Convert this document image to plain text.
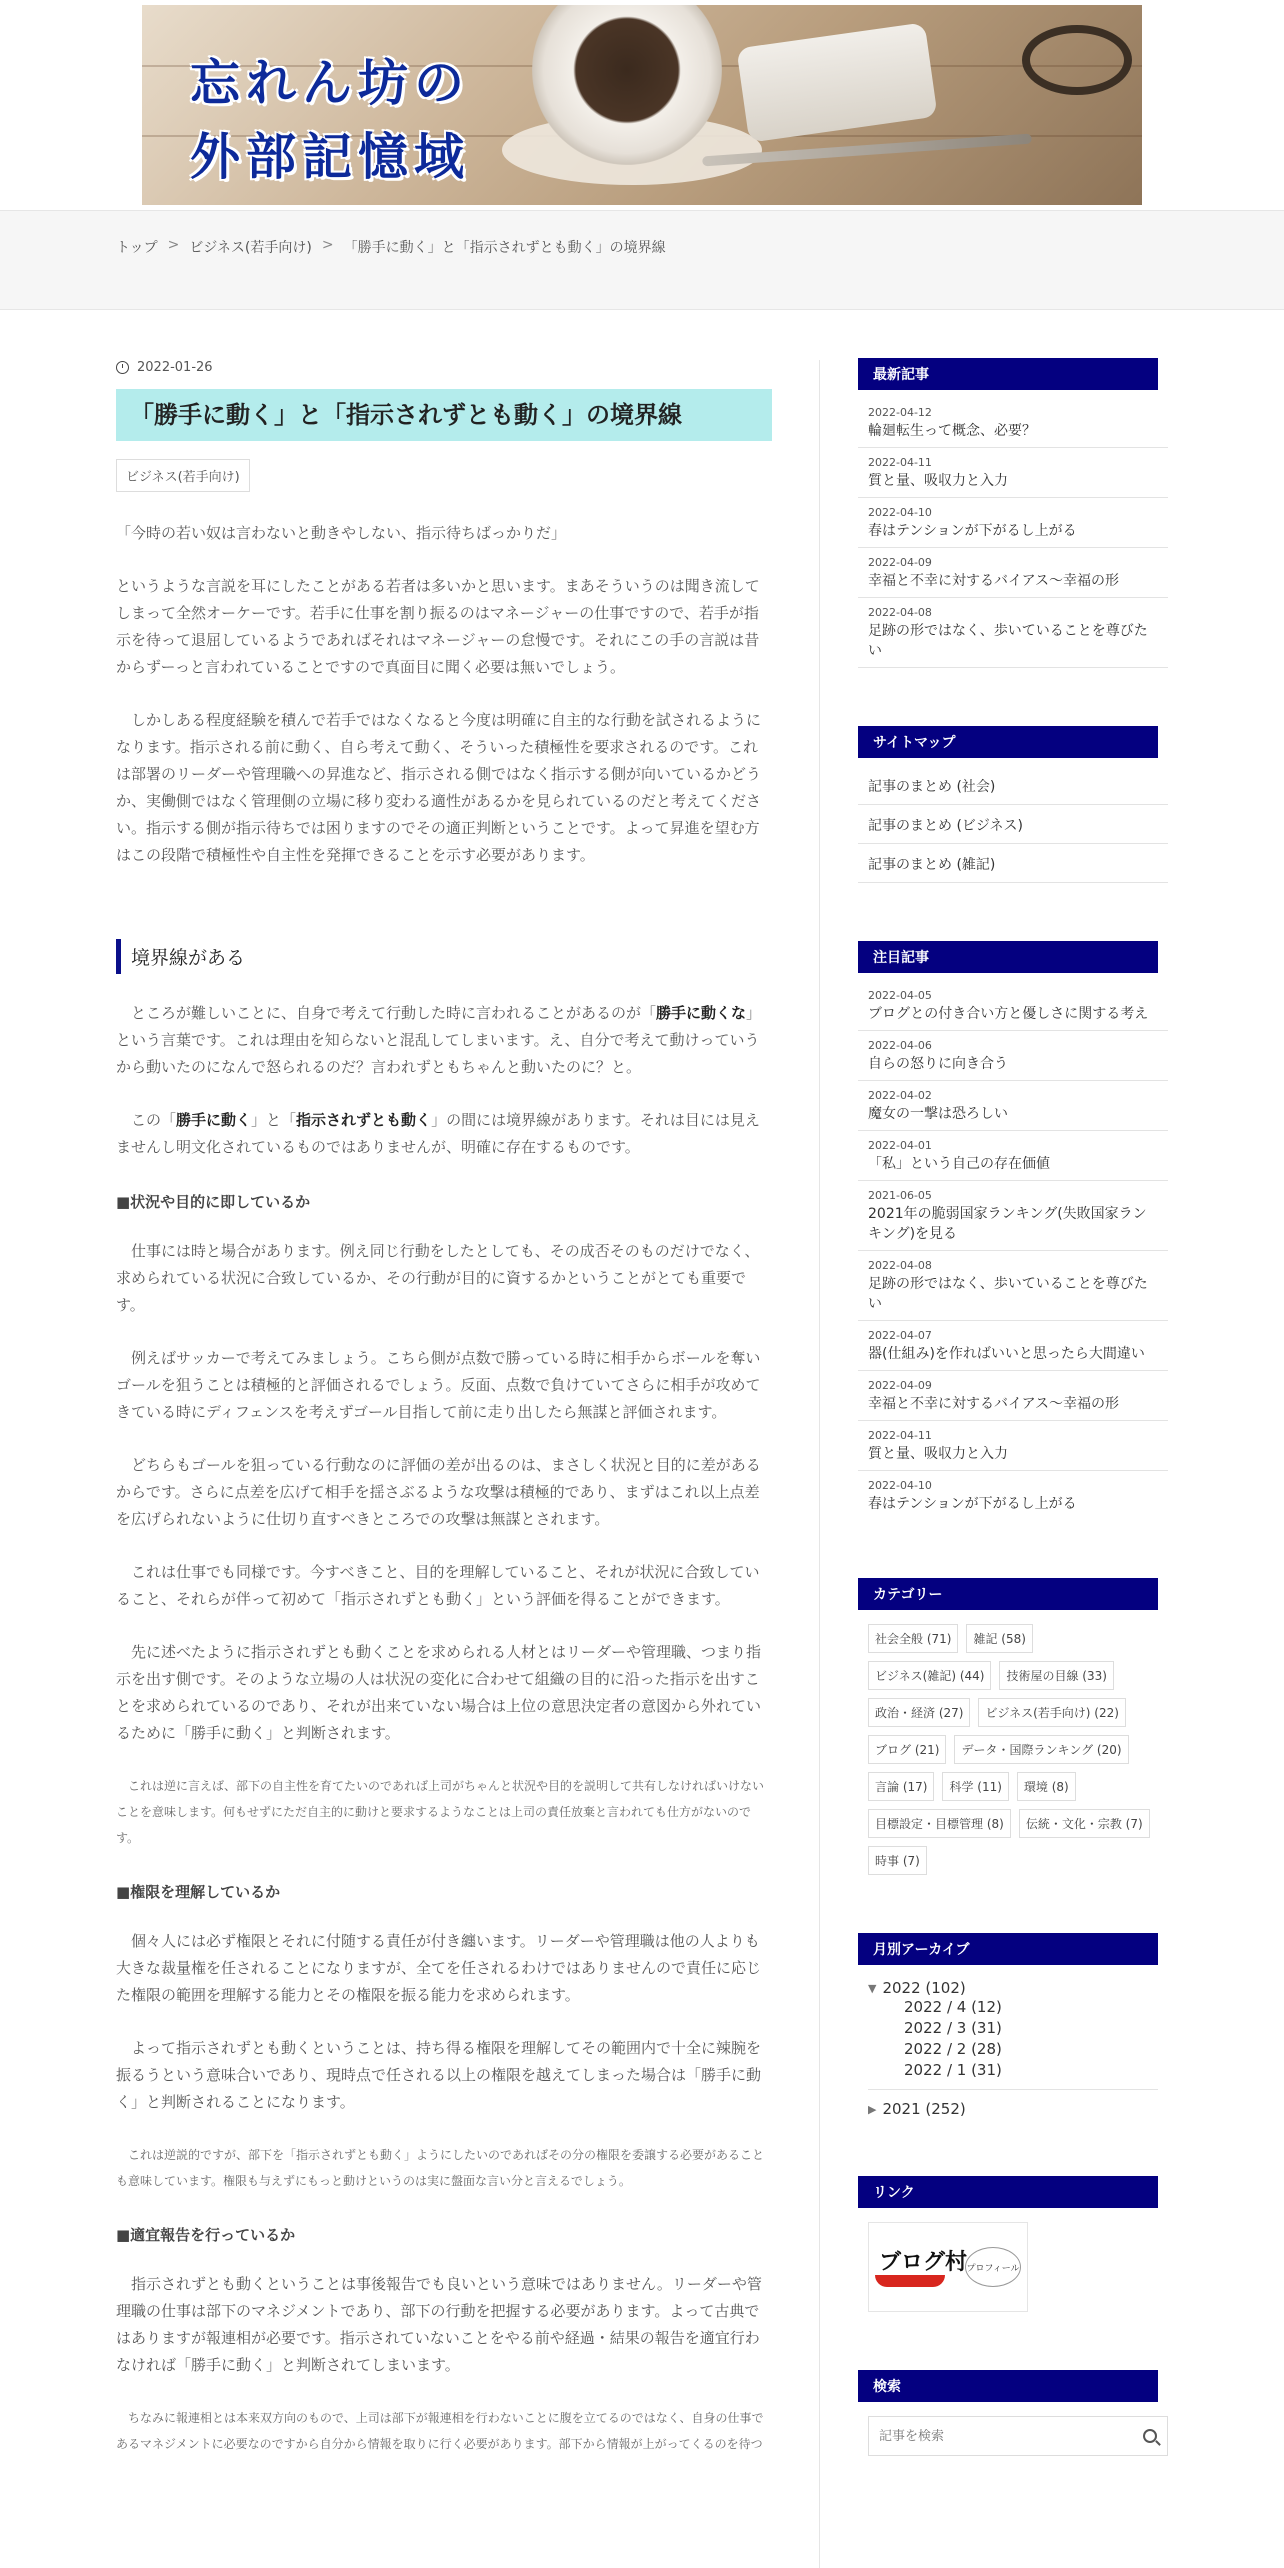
忘れん坊の
外部記憶域
トップ > ビジネス(若手向け) > 「勝手に動く」と「指示されずとも動く」の境界線
2022-01-26
「勝手に動く」と「指示されずとも動く」の境界線
ビジネス(若手向け)

「今時の若い奴は言わないと動きやしない、指示待ちばっかりだ」

というような言説を耳にしたことがある若者は多いかと思います。まあそういうのは聞き流してしまって全然オーケーです。若手に仕事を割り振るのはマネージャーの仕事ですので、若手が指示を待って退屈しているようであればそれはマネージャーの怠慢です。それにこの手の言説は昔からずーっと言われていることですので真面目に聞く必要は無いでしょう。

　しかしある程度経験を積んで若手ではなくなると今度は明確に自主的な行動を試されるようになります。指示される前に動く、自ら考えて動く、そういった積極性を要求されるのです。これは部署のリーダーや管理職への昇進など、指示される側ではなく指示する側が向いているかどうか、実働側ではなく管理側の立場に移り変わる適性があるかを見られているのだと考えてください。指示する側が指示待ちでは困りますのでその適正判断ということです。よって昇進を望む方はこの段階で積極性や自主性を発揮できることを示す必要があります。

境界線がある

　ところが難しいことに、自身で考えて行動した時に言われることがあるのが「勝手に動くな」という言葉です。これは理由を知らないと混乱してしまいます。え、自分で考えて動けっていうから動いたのになんで怒られるのだ？言われずともちゃんと動いたのに？と。

　この「勝手に動く」と「指示されずとも動く」の間には境界線があります。それは目には見えませんし明文化されているものではありませんが、明確に存在するものです。

■状況や目的に即しているか

　仕事には時と場合があります。例え同じ行動をしたとしても、その成否そのものだけでなく、求められている状況に合致しているか、その行動が目的に資するかということがとても重要です。

　例えばサッカーで考えてみましょう。こちら側が点数で勝っている時に相手からボールを奪いゴールを狙うことは積極的と評価されるでしょう。反面、点数で負けていてさらに相手が攻めてきている時にディフェンスを考えずゴール目指して前に走り出したら無謀と評価されます。

　どちらもゴールを狙っている行動なのに評価の差が出るのは、まさしく状況と目的に差があるからです。さらに点差を広げて相手を揺さぶるような攻撃は積極的であり、まずはこれ以上点差を広げられないように仕切り直すべきところでの攻撃は無謀とされます。

　これは仕事でも同様です。今すべきこと、目的を理解していること、それが状況に合致していること、それらが伴って初めて「指示されずとも動く」という評価を得ることができます。

　先に述べたように指示されずとも動くことを求められる人材とはリーダーや管理職、つまり指示を出す側です。そのような立場の人は状況の変化に合わせて組織の目的に沿った指示を出すことを求められているのであり、それが出来ていない場合は上位の意思決定者の意図から外れているために「勝手に動く」と判断されます。

　これは逆に言えば、部下の自主性を育てたいのであれば上司がちゃんと状況や目的を説明して共有しなければいけないことを意味します。何もせずにただ自主的に動けと要求するようなことは上司の責任放棄と言われても仕方がないのです。

■権限を理解しているか

　個々人には必ず権限とそれに付随する責任が付き纏います。リーダーや管理職は他の人よりも大きな裁量権を任されることになりますが、全てを任されるわけではありませんので責任に応じた権限の範囲を理解する能力とその権限を振る能力を求められます。

　よって指示されずとも動くということは、持ち得る権限を理解してその範囲内で十全に辣腕を振るうという意味合いであり、現時点で任される以上の権限を越えてしまった場合は「勝手に動く」と判断されることになります。

　これは逆説的ですが、部下を「指示されずとも動く」ようにしたいのであればその分の権限を委譲する必要があることも意味しています。権限も与えずにもっと動けというのは実に盤面な言い分と言えるでしょう。

■適宜報告を行っているか

　指示されずとも動くということは事後報告でも良いという意味ではありません。リーダーや管理職の仕事は部下のマネジメントであり、部下の行動を把握する必要があります。よって古典ではありますが報連相が必要です。指示されていないことをやる前や経過・結果の報告を適宜行わなければ「勝手に動く」と判断されてしまいます。

　ちなみに報連相とは本来双方向のもので、上司は部下が報連相を行わないことに腹を立てるのではなく、自身の仕事であるマネジメントに必要なのですから自分から情報を取りに行く必要があります。部下から情報が上がってくるのを待つ

最新記事
2022-04-12
輪廻転生って概念、必要？
2022-04-11
質と量、吸収力と入力
2022-04-10
春はテンションが下がるし上がる
2022-04-09
幸福と不幸に対するバイアス～幸福の形
2022-04-08
足跡の形ではなく、歩いていることを尊びたい
サイトマップ
記事のまとめ (社会)
記事のまとめ (ビジネス)
記事のまとめ (雑記)
注目記事
2022-04-05
ブログとの付き合い方と優しさに関する考え
2022-04-06
自らの怒りに向き合う
2022-04-02
魔女の一撃は恐ろしい
2022-04-01
「私」という自己の存在価値
2021-06-05
2021年の脆弱国家ランキング(失敗国家ランキング)を見る
2022-04-08
足跡の形ではなく、歩いていることを尊びたい
2022-04-07
器(仕組み)を作ればいいと思ったら大間違い
2022-04-09
幸福と不幸に対するバイアス～幸福の形
2022-04-11
質と量、吸収力と入力
2022-04-10
春はテンションが下がるし上がる
カテゴリー
社会全般 (71)	雑記 (58)
ビジネス(雑記) (44)	技術屋の目線 (33)
政治・経済 (27)	ビジネス(若手向け) (22)
ブログ (21)	データ・国際ランキング (20)
言論 (17)	科学 (11)	環境 (8)
目標設定・目標管理 (8)	伝統・文化・宗教 (7)
時事 (7)
月別アーカイブ
▼ 2022 (102)
2022 / 4 (12)
2022 / 3 (31)
2022 / 2 (28)
2022 / 1 (31)
▶ 2021 (252)
リンク
ブログ村 プロフィール
検索
記事を検索
